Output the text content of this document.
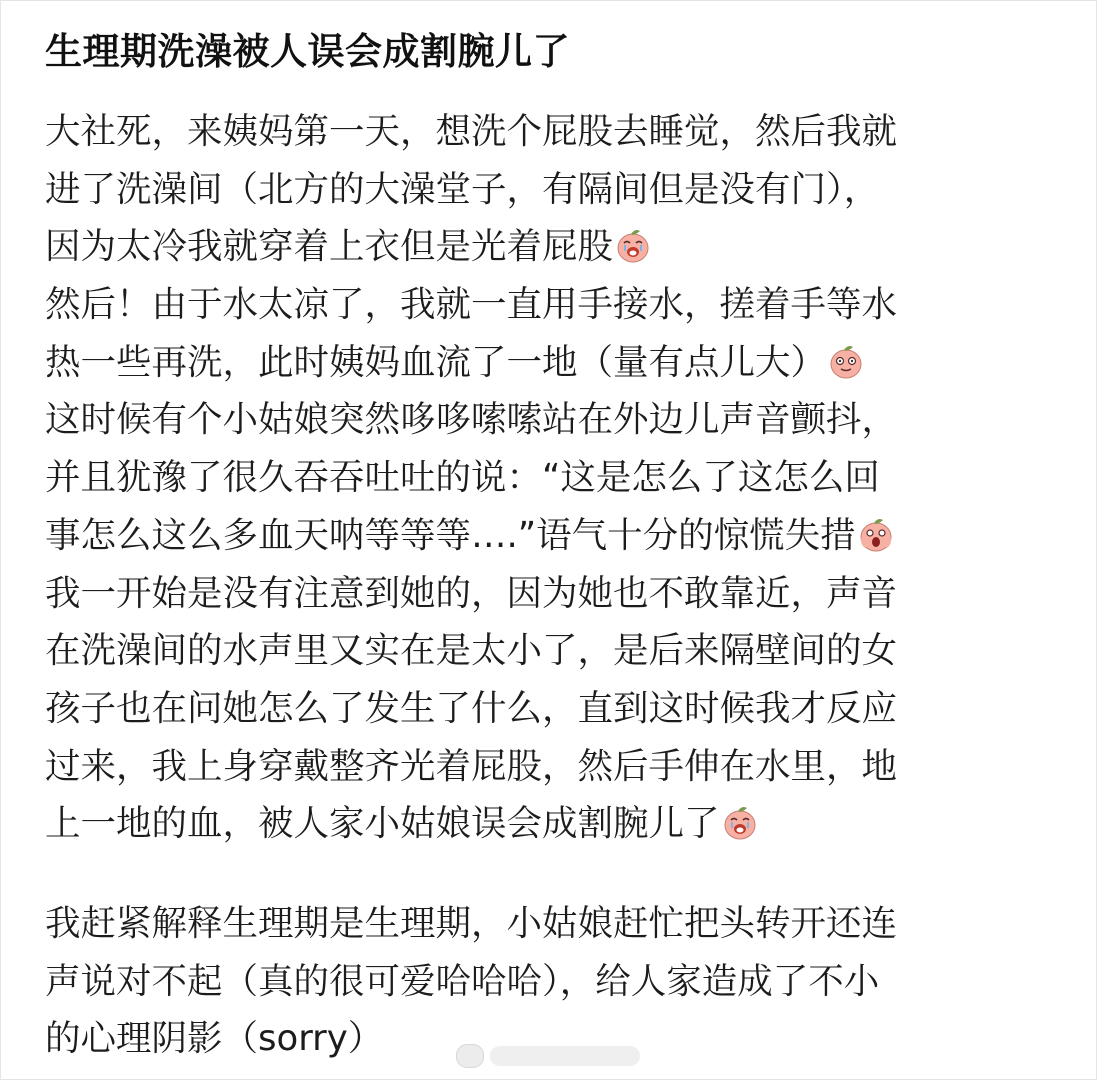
生理期洗澡被人误会成割腕儿了
大社死，来姨妈第一天，想洗个屁股去睡觉，然后我就
进了洗澡间（北方的大澡堂子，有隔间但是没有门），
因为太冷我就穿着上衣但是光着屁股
然后！由于水太凉了，我就一直用手接水，搓着手等水
热一些再洗，此时姨妈血流了一地（量有点儿大）
这时候有个小姑娘突然哆哆嗦嗦站在外边儿声音颤抖，
并且犹豫了很久吞吞吐吐的说：“这是怎么了这怎么回
事怎么这么多血天呐等等等….”语气十分的惊慌失措
我一开始是没有注意到她的，因为她也不敢靠近，声音
在洗澡间的水声里又实在是太小了，是后来隔壁间的女
孩子也在问她怎么了发生了什么，直到这时候我才反应
过来，我上身穿戴整齐光着屁股，然后手伸在水里，地
上一地的血，被人家小姑娘误会成割腕儿了
我赶紧解释生理期是生理期，小姑娘赶忙把头转开还连
声说对不起（真的很可爱哈哈哈），给人家造成了不小
的心理阴影（sorry）
